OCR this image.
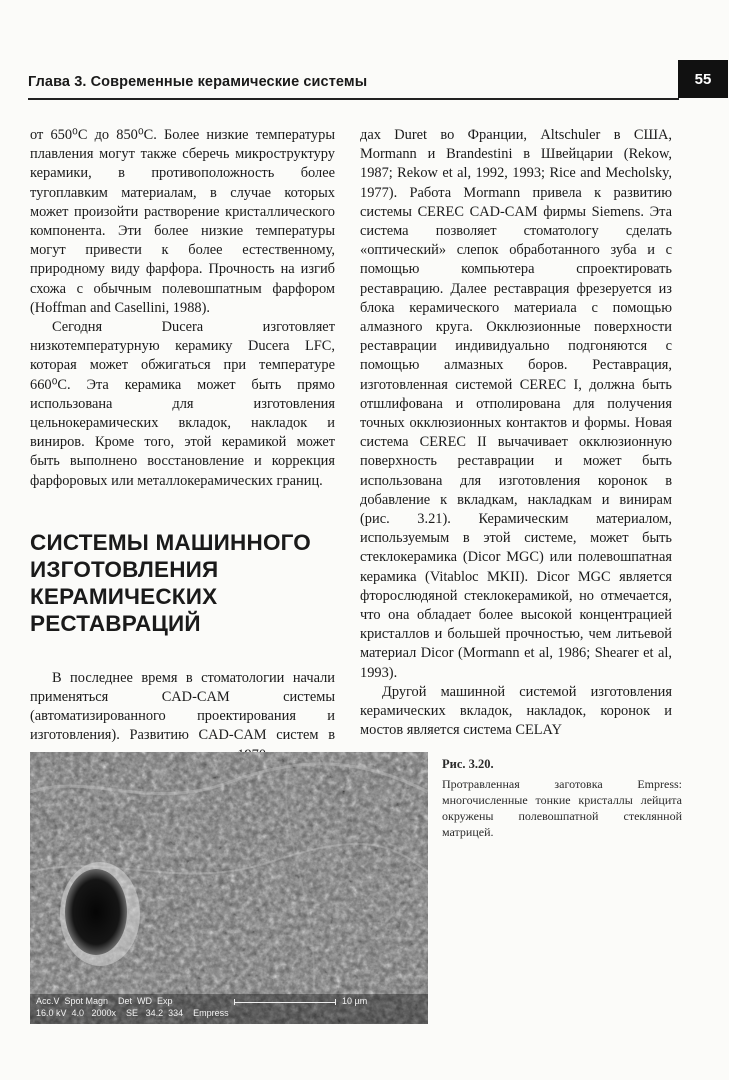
Глава 3. Современные керамические системы	55

от 650⁰С до 850⁰С. Более низкие температуры плавления могут также сберечь микроструктуру керамики, в противоположность более тугоплавким материалам, в случае которых может произойти растворение кристаллического компонента. Эти более низкие температуры могут привести к более естественному, природному виду фарфора. Прочность на изгиб схожа с обычным полевошпатным фарфором (Hoffman and Casellini, 1988).

Сегодня Ducera изготовляет низкотемпературную керамику Ducera LFC, которая может обжигаться при температуре 660⁰С. Эта керамика может быть прямо использована для изготовления цельнокерамических вкладок, накладок и виниров. Кроме того, этой керамикой может быть выполнено восстановление и коррекция фарфоровых или металлокерамических границ.

СИСТЕМЫ МАШИННОГО ИЗГОТОВЛЕНИЯ КЕРАМИЧЕСКИХ РЕСТАВРАЦИЙ

В последнее время в стоматологии начали применяться CAD-CAM системы (автоматизированного проектирования и изготовления). Развитию CAD-CAM систем в

дах Duret во Франции, Altschuler в США, Mormann и Brandestini в Швейцарии (Rekow, 1987; Rekow et al, 1992, 1993; Rice and Mecholsky, 1977). Работа Mormann привела к развитию системы CEREC CAD-CAM фирмы Siemens. Эта система позволяет стоматологу сделать «оптический» слепок обработанного зуба и с помощью компьютера спроектировать реставрацию. Далее реставрация фрезеруется из блока керамического материала с помощью алмазного круга. Окклюзионные поверхности реставрации индивидуально подгоняются с помощью алмазных боров. Реставрация, изготовленная системой CEREC I, должна быть отшлифована и отполирована для получения точных окклюзионных контактов и формы. Новая система CEREC II вычачивает окклюзионную поверхность реставрации и может быть использована для изготовления коронок в добавление к вкладкам, накладкам и винирам (рис. 3.21). Керамическим материалом, используемым в этой системе, может быть стеклокерамика (Dicor MGC) или полевошпатная керамика (Vitabloc MKII). Dicor MGC является фторослюдяной стеклокерамикой, но отмечается, что она обладает более высокой концентрацией кристаллов и большей прочностью, чем литьевой материал Dicor (Mormann et al, 1986; Shearer et al, 1993).

Другой машинной системой изготовления керамических вкладок, накладок, коронок и мостов является система CELAY

Acc.V  Spot Magn    Det  WD  Exp
16.0 kV  4.0   2000x    SE   34.2  334    Empress
10 µm
Рис. 3.20.
Протравленная заготовка Empress: многочисленные тонкие кристаллы лейцита окружены полевошпатной стеклянной матрицей.
